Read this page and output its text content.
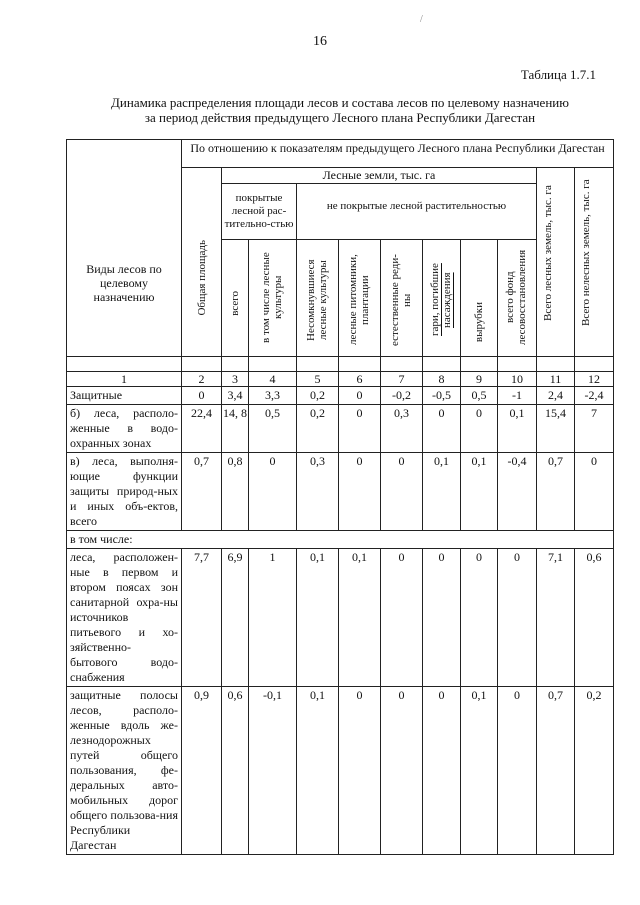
/
16
Таблица 1.7.1
Динамика распределения площади лесов и состава лесов по целевому назначению
за период действия предыдущего Лесного плана Республики Дагестан
Виды лесов по целевому назначению	По отношению к показателям предыдущего Лесного плана Республики Дагестан										

	Общая площадь	Лесные земли, тыс. га								Всего лесных земель, тыс. га	Всего нелесных земель, тыс. га

		покрытые лесной рас-тительно-стью		не покрытые лесной растительностью							

		всего	в том числе лесные культуры	Несомкнувшиеся лесные культуры	лесные питомники, плантации	естественные реди-ны	гари, погибшие насаждения	вырубки	всего фонд лесовосстановления		

1	2	3	4	5	6	7	8	9	10	11	12
Защитные	0	3,4	3,3	0,2	0	-0,2	-0,5	0,5	-1	2,4	-2,4
б) леса, располо-женные в водо-охранных зонах	22,4	14, 8	0,5	0,2	0	0,3	0	0	0,1	15,4	7
в) леса, выполня-ющие функции защиты природ-ных и иных объ-ектов, всего	0,7	0,8	0	0,3	0	0	0,1	0,1	-0,4	0,7	0
в том числе:											
леса, расположен-ные в первом и втором поясах зон санитарной охра-ны источников питьевого и хо-зяйственно-бытового водо-снабжения	7,7	6,9	1	0,1	0,1	0	0	0	0	7,1	0,6
защитные полосы лесов, располо-женные вдоль же-лезнодорожных путей общего пользования, фе-деральных авто-мобильных дорог общего пользова-ния Республики Дагестан	0,9	0,6	-0,1	0,1	0	0	0	0,1	0	0,7	0,2
